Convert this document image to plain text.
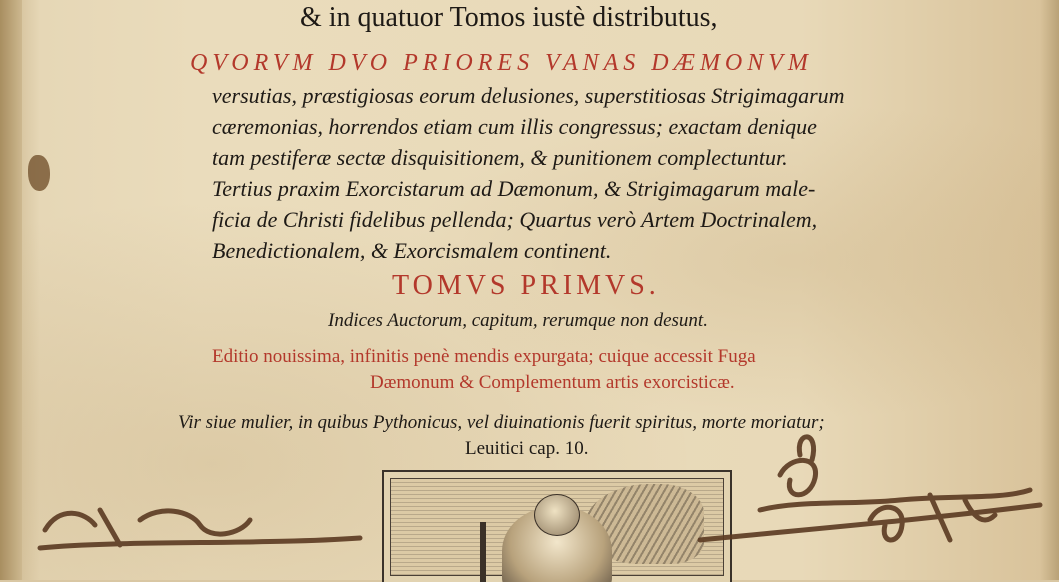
& in quatuor Tomos iustè distributus,
QVORVM DVO PRIORES VANAS DÆMONVM
versutias, præstigiosas eorum delusiones, superstitiosas Strigimagarum
cæremonias, horrendos etiam cum illis congressus; exactam denique
tam pestiferæ sectæ disquisitionem, & punitionem complectuntur.
Tertius praxim Exorcistarum ad Dæmonum, & Strigimagarum male-
ficia de Christi fidelibus pellenda; Quartus verò Artem Doctrinalem,
Benedictionalem, & Exorcismalem continent.
TOMVS PRIMVS.
Indices Auctorum, capitum, rerumque non desunt.
Editio nouissima, infinitis penè mendis expurgata; cuique accessit Fuga
Dæmonum & Complementum artis exorcisticæ.
Vir siue mulier, in quibus Pythonicus, vel diuinationis fuerit spiritus, morte moriatur;
Leuitici cap. 10.
